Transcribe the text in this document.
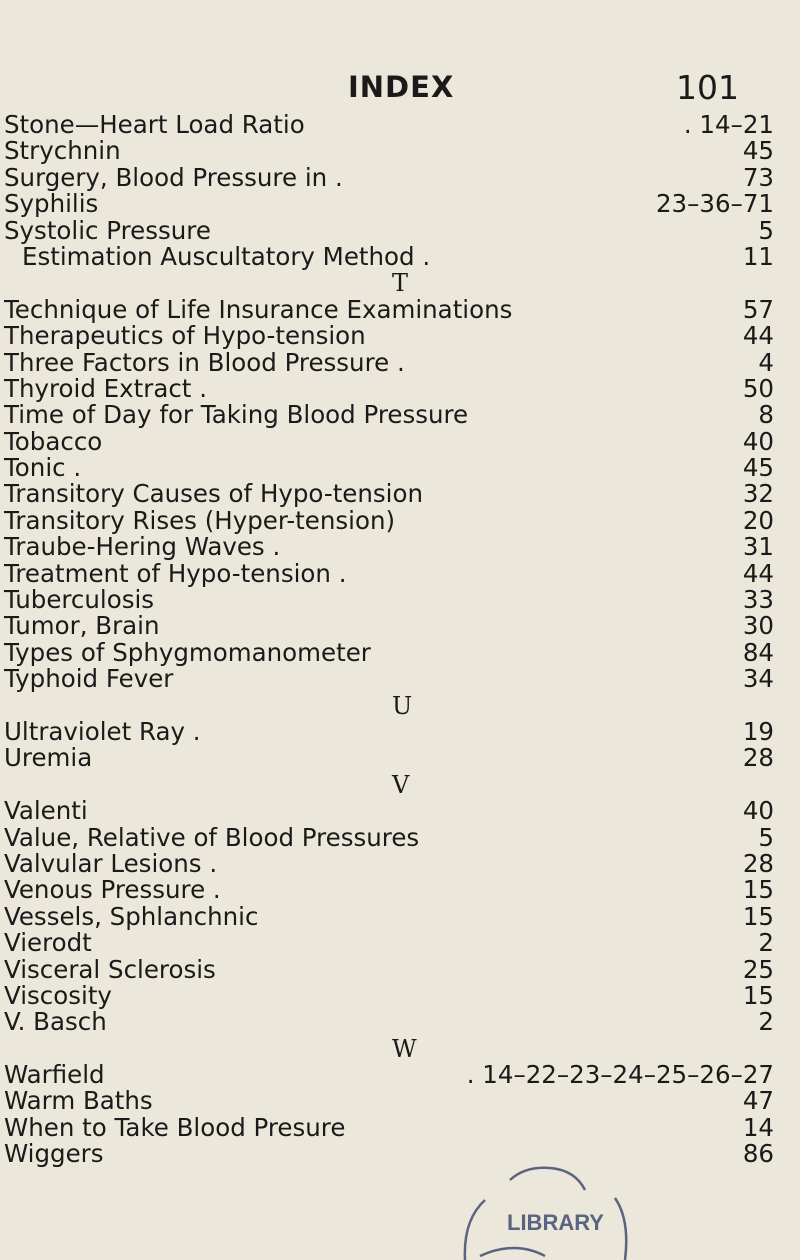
INDEX	101
Stone—Heart Load Ratio	. 14–21
Strychnin	45
Surgery, Blood Pressure in .	73
Syphilis	23–36–71
Systolic Pressure	5
Estimation Auscultatory Method .	11
T
Technique of Life Insurance Examinations	57
Therapeutics of Hypo-tension	44
Three Factors in Blood Pressure .	4
Thyroid Extract .	50
Time of Day for Taking Blood Pressure	8
Tobacco	40
Tonic .	45
Transitory Causes of Hypo-tension	32
Transitory Rises (Hyper-tension)	20
Traube-Hering Waves .	31
Treatment of Hypo-tension .	44
Tuberculosis	33
Tumor, Brain	30
Types of Sphygmomanometer	84
Typhoid Fever	34
U
Ultraviolet Ray .	19
Uremia	28
V
Valenti	40
Value, Relative of Blood Pressures	5
Valvular Lesions .	28
Venous Pressure .	15
Vessels, Sphlanchnic	15
Vierodt	2
Visceral Sclerosis	25
Viscosity	15
V. Basch	2
W
Warfield	. 14–22–23–24–25–26–27
Warm Baths	47
When to Take Blood Presure	14
Wiggers	86
LIBRARY
